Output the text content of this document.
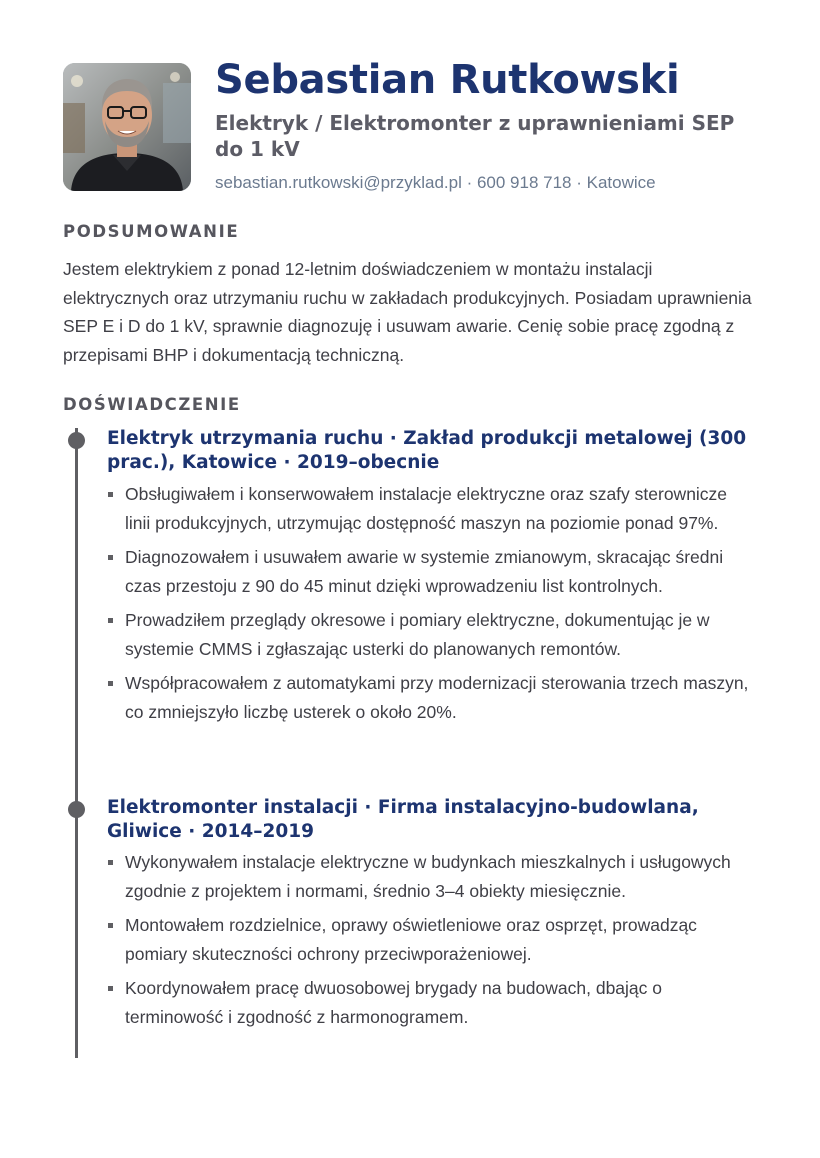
Sebastian Rutkowski
Elektryk / Elektromonter z uprawnieniami SEP do 1 kV
sebastian.rutkowski@przyklad.pl · 600 918 718 · Katowice
PODSUMOWANIE

Jestem elektrykiem z ponad 12-letnim doświadczeniem w montażu instalacji elektrycznych oraz utrzymaniu ruchu w zakładach produkcyjnych. Posiadam uprawnienia SEP E i D do 1 kV, sprawnie diagnozuję i usuwam awarie. Cenię sobie pracę zgodną z przepisami BHP i dokumentacją techniczną.

DOŚWIADCZENIE
Elektryk utrzymania ruchu · Zakład produkcji metalowej (300 prac.), Katowice · 2019–obecnie
Obsługiwałem i konserwowałem instalacje elektryczne oraz szafy sterownicze linii produkcyjnych, utrzymując dostępność maszyn na poziomie ponad 97%.
Diagnozowałem i usuwałem awarie w systemie zmianowym, skracając średni czas przestoju z 90 do 45 minut dzięki wprowadzeniu list kontrolnych.
Prowadziłem przeglądy okresowe i pomiary elektryczne, dokumentując je w systemie CMMS i zgłaszając usterki do planowanych remontów.
Współpracowałem z automatykami przy modernizacji sterowania trzech maszyn, co zmniejszyło liczbę usterek o około 20%.
Elektromonter instalacji · Firma instalacyjno-budowlana, Gliwice · 2014–2019
Wykonywałem instalacje elektryczne w budynkach mieszkalnych i usługowych zgodnie z projektem i normami, średnio 3–4 obiekty miesięcznie.
Montowałem rozdzielnice, oprawy oświetleniowe oraz osprzęt, prowadząc pomiary skuteczności ochrony przeciwporażeniowej.
Koordynowałem pracę dwuosobowej brygady na budowach, dbając o terminowość i zgodność z harmonogramem.
